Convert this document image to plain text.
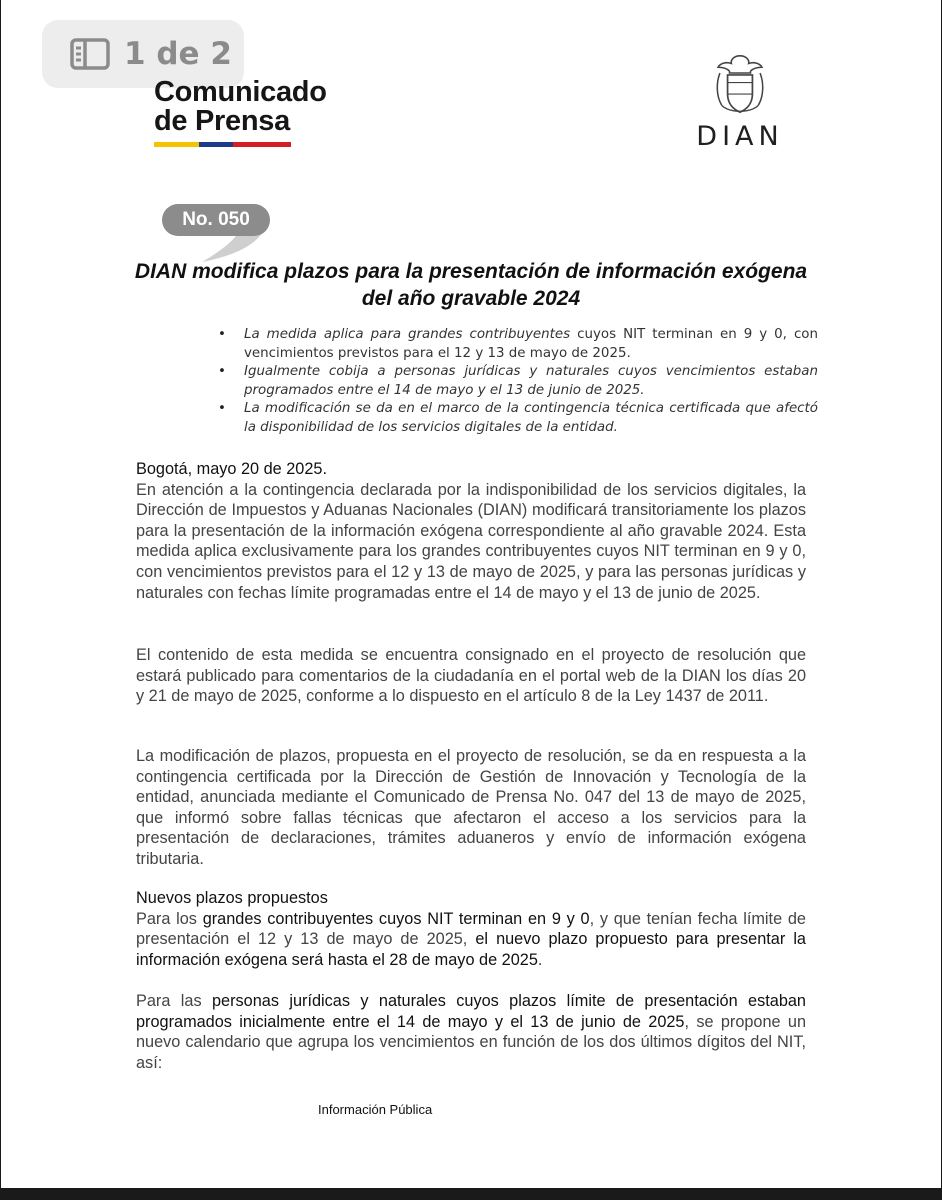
1 de 2
Comunicado
de Prensa	DIAN
No. 050
DIAN modifica plazos para la presentación de información exógena del año gravable 2024
• La medida aplica para grandes contribuyentes cuyos NIT terminan en 9 y 0, con vencimientos previstos para el 12 y 13 de mayo de 2025.
• Igualmente cobija a personas jurídicas y naturales cuyos vencimientos estaban programados entre el 14 de mayo y el 13 de junio de 2025.
• La modificación se da en el marco de la contingencia técnica certificada que afectó la disponibilidad de los servicios digitales de la entidad.

Bogotá, mayo 20 de 2025.
En atención a la contingencia declarada por la indisponibilidad de los servicios digitales, la Dirección de Impuestos y Aduanas Nacionales (DIAN) modificará transitoriamente los plazos para la presentación de la información exógena correspondiente al año gravable 2024. Esta medida aplica exclusivamente para los grandes contribuyentes cuyos NIT terminan en 9 y 0, con vencimientos previstos para el 12 y 13 de mayo de 2025, y para las personas jurídicas y naturales con fechas límite programadas entre el 14 de mayo y el 13 de junio de 2025.

El contenido de esta medida se encuentra consignado en el proyecto de resolución que estará publicado para comentarios de la ciudadanía en el portal web de la DIAN los días 20 y 21 de mayo de 2025, conforme a lo dispuesto en el artículo 8 de la Ley 1437 de 2011.

La modificación de plazos, propuesta en el proyecto de resolución, se da en respuesta a la contingencia certificada por la Dirección de Gestión de Innovación y Tecnología de la entidad, anunciada mediante el Comunicado de Prensa No. 047 del 13 de mayo de 2025, que informó sobre fallas técnicas que afectaron el acceso a los servicios para la presentación de declaraciones, trámites aduaneros y envío de información exógena tributaria.

Nuevos plazos propuestos
Para los grandes contribuyentes cuyos NIT terminan en 9 y 0, y que tenían fecha límite de presentación el 12 y 13 de mayo de 2025, el nuevo plazo propuesto para presentar la información exógena será hasta el 28 de mayo de 2025.

Para las personas jurídicas y naturales cuyos plazos límite de presentación estaban programados inicialmente entre el 14 de mayo y el 13 de junio de 2025, se propone un nuevo calendario que agrupa los vencimientos en función de los dos últimos dígitos del NIT, así:

Información Pública
